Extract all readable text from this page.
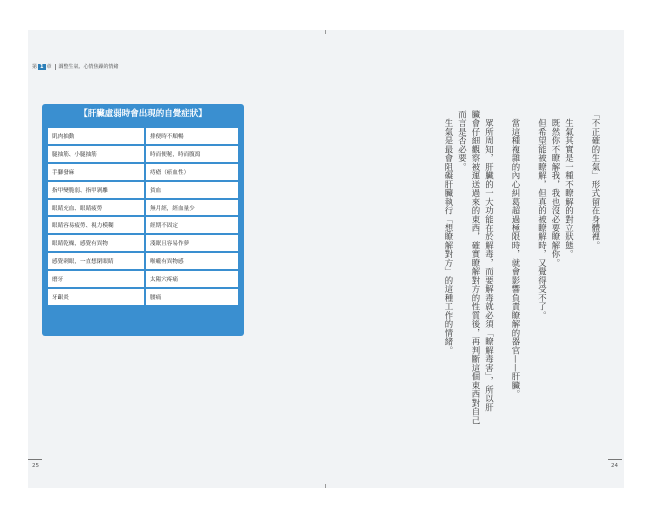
第 1 章 調整生氣、心情焦躁的情緒
【肝臟虛弱時會出現的自覺症狀】
肌肉抽動	排便時不順暢
腿抽筋、小腿抽筋	時而便秘，時而腹瀉
手腳發麻	痔瘡（瘀血性）
指甲變脆弱、指甲剝離	貧血
眼睛充血、眼睛疲勞	無月經，經血量少
眼睛容易疲勞、視力模糊	經期不固定
眼睛乾燥，感覺有異物	淺眠且容易作夢
感覺刺眼，一直想閉眼睛	喉嚨有異物感
磨牙	太陽穴疼痛
牙齦炎	腰痛
25	24
「不正確的生氣」形式留在身體裡。
　生氣其實是一種不瞭解的對立狀態。
　既然你不瞭解我，我也沒必要瞭解你。
　但希望能被瞭解，但真的被瞭解時，又覺得受不了。
　當這種複雜的內心糾葛超過極限時，就會影響負責瞭解的器官——肝臟。
　眾所周知，肝臟的一大功能在於解毒，而要解毒就必須「瞭解毒害」，所以肝
臟會仔細觀察被運送過來的東西，確實瞭解對方的性質後，再判斷這個東西對自己
而言是否必要。
　生氣是最會阻礙肝臟執行「想瞭解對方」的這種工作的情緒。
